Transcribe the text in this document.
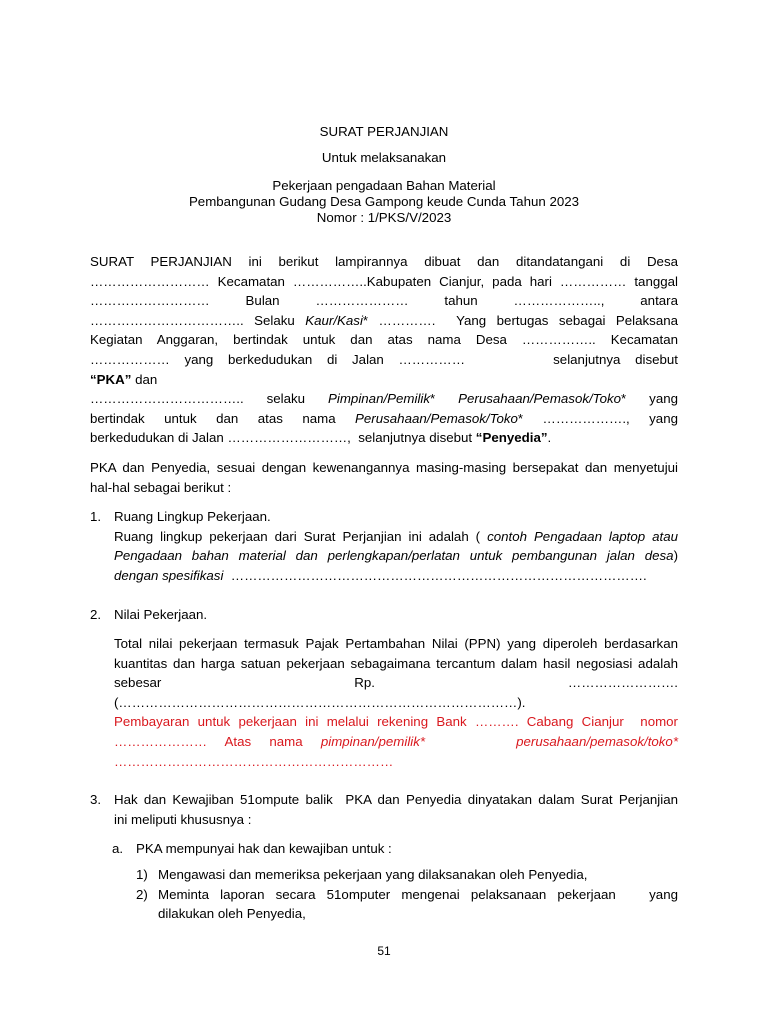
SURAT PERJANJIAN
Untuk melaksanakan
Pekerjaan pengadaan Bahan Material
Pembangunan Gudang Desa Gampong keude Cunda Tahun 2023
Nomor : 1/PKS/V/2023
SURAT PERJANJIAN ini berikut lampirannya dibuat dan ditandatangani di Desa
……………………… Kecamatan ……………..Kabupaten Cianjur, pada hari …………… tanggal
……………………… Bulan ………………… tahun ……………….., antara
…………………………….. Selaku Kaur/Kasi* ………….  Yang bertugas sebagai Pelaksana
Kegiatan Anggaran, bertindak untuk dan atas nama Desa …………….. Kecamatan
……………… yang berkedudukan di Jalan ……………      selanjutnya disebut
“PKA” dan
…………………………….. selaku Pimpinan/Pemilik* Perusahaan/Pemasok/Toko* yang
bertindak untuk dan atas nama Perusahaan/Pemasok/Toko* ………………., yang
berkedudukan di Jalan ………………………,  selanjutnya disebut “Penyedia”.
PKA dan Penyedia, sesuai dengan kewenangannya masing-masing bersepakat dan menyetujui
hal-hal sebagai berikut :
1. Ruang Lingkup Pekerjaan.
Ruang lingkup pekerjaan dari Surat Perjanjian ini adalah ( contoh Pengadaan laptop atau
Pengadaan bahan material dan perlengkapan/perlatan untuk pembangunan jalan desa)
dengan spesifikasi  ………………………………………………………………………………….
2. Nilai Pekerjaan.
Total nilai pekerjaan termasuk Pajak Pertambahan Nilai (PPN) yang diperoleh berdasarkan
kuantitas dan harga satuan pekerjaan sebagaimana tercantum dalam hasil negosiasi adalah
sebesar                                Rp.                                …………………….
(………………………………………………………………………………).
Pembayaran untuk pekerjaan ini melalui rekening Bank ………. Cabang Cianjur  nomor
…………………  Atas  nama  pimpinan/pemilik*	perusahaan/pemasok/toko*
………………………………………………………
3. Hak dan Kewajiban 51ompute balik  PKA dan Penyedia dinyatakan dalam Surat Perjanjian
ini meliputi khususnya :
a. PKA mempunyai hak dan kewajiban untuk :
1) Mengawasi dan memeriksa pekerjaan yang dilaksanakan oleh Penyedia,
2) Meminta laporan secara 51omputer mengenai pelaksanaan pekerjaan   yang
dilakukan oleh Penyedia,
51
